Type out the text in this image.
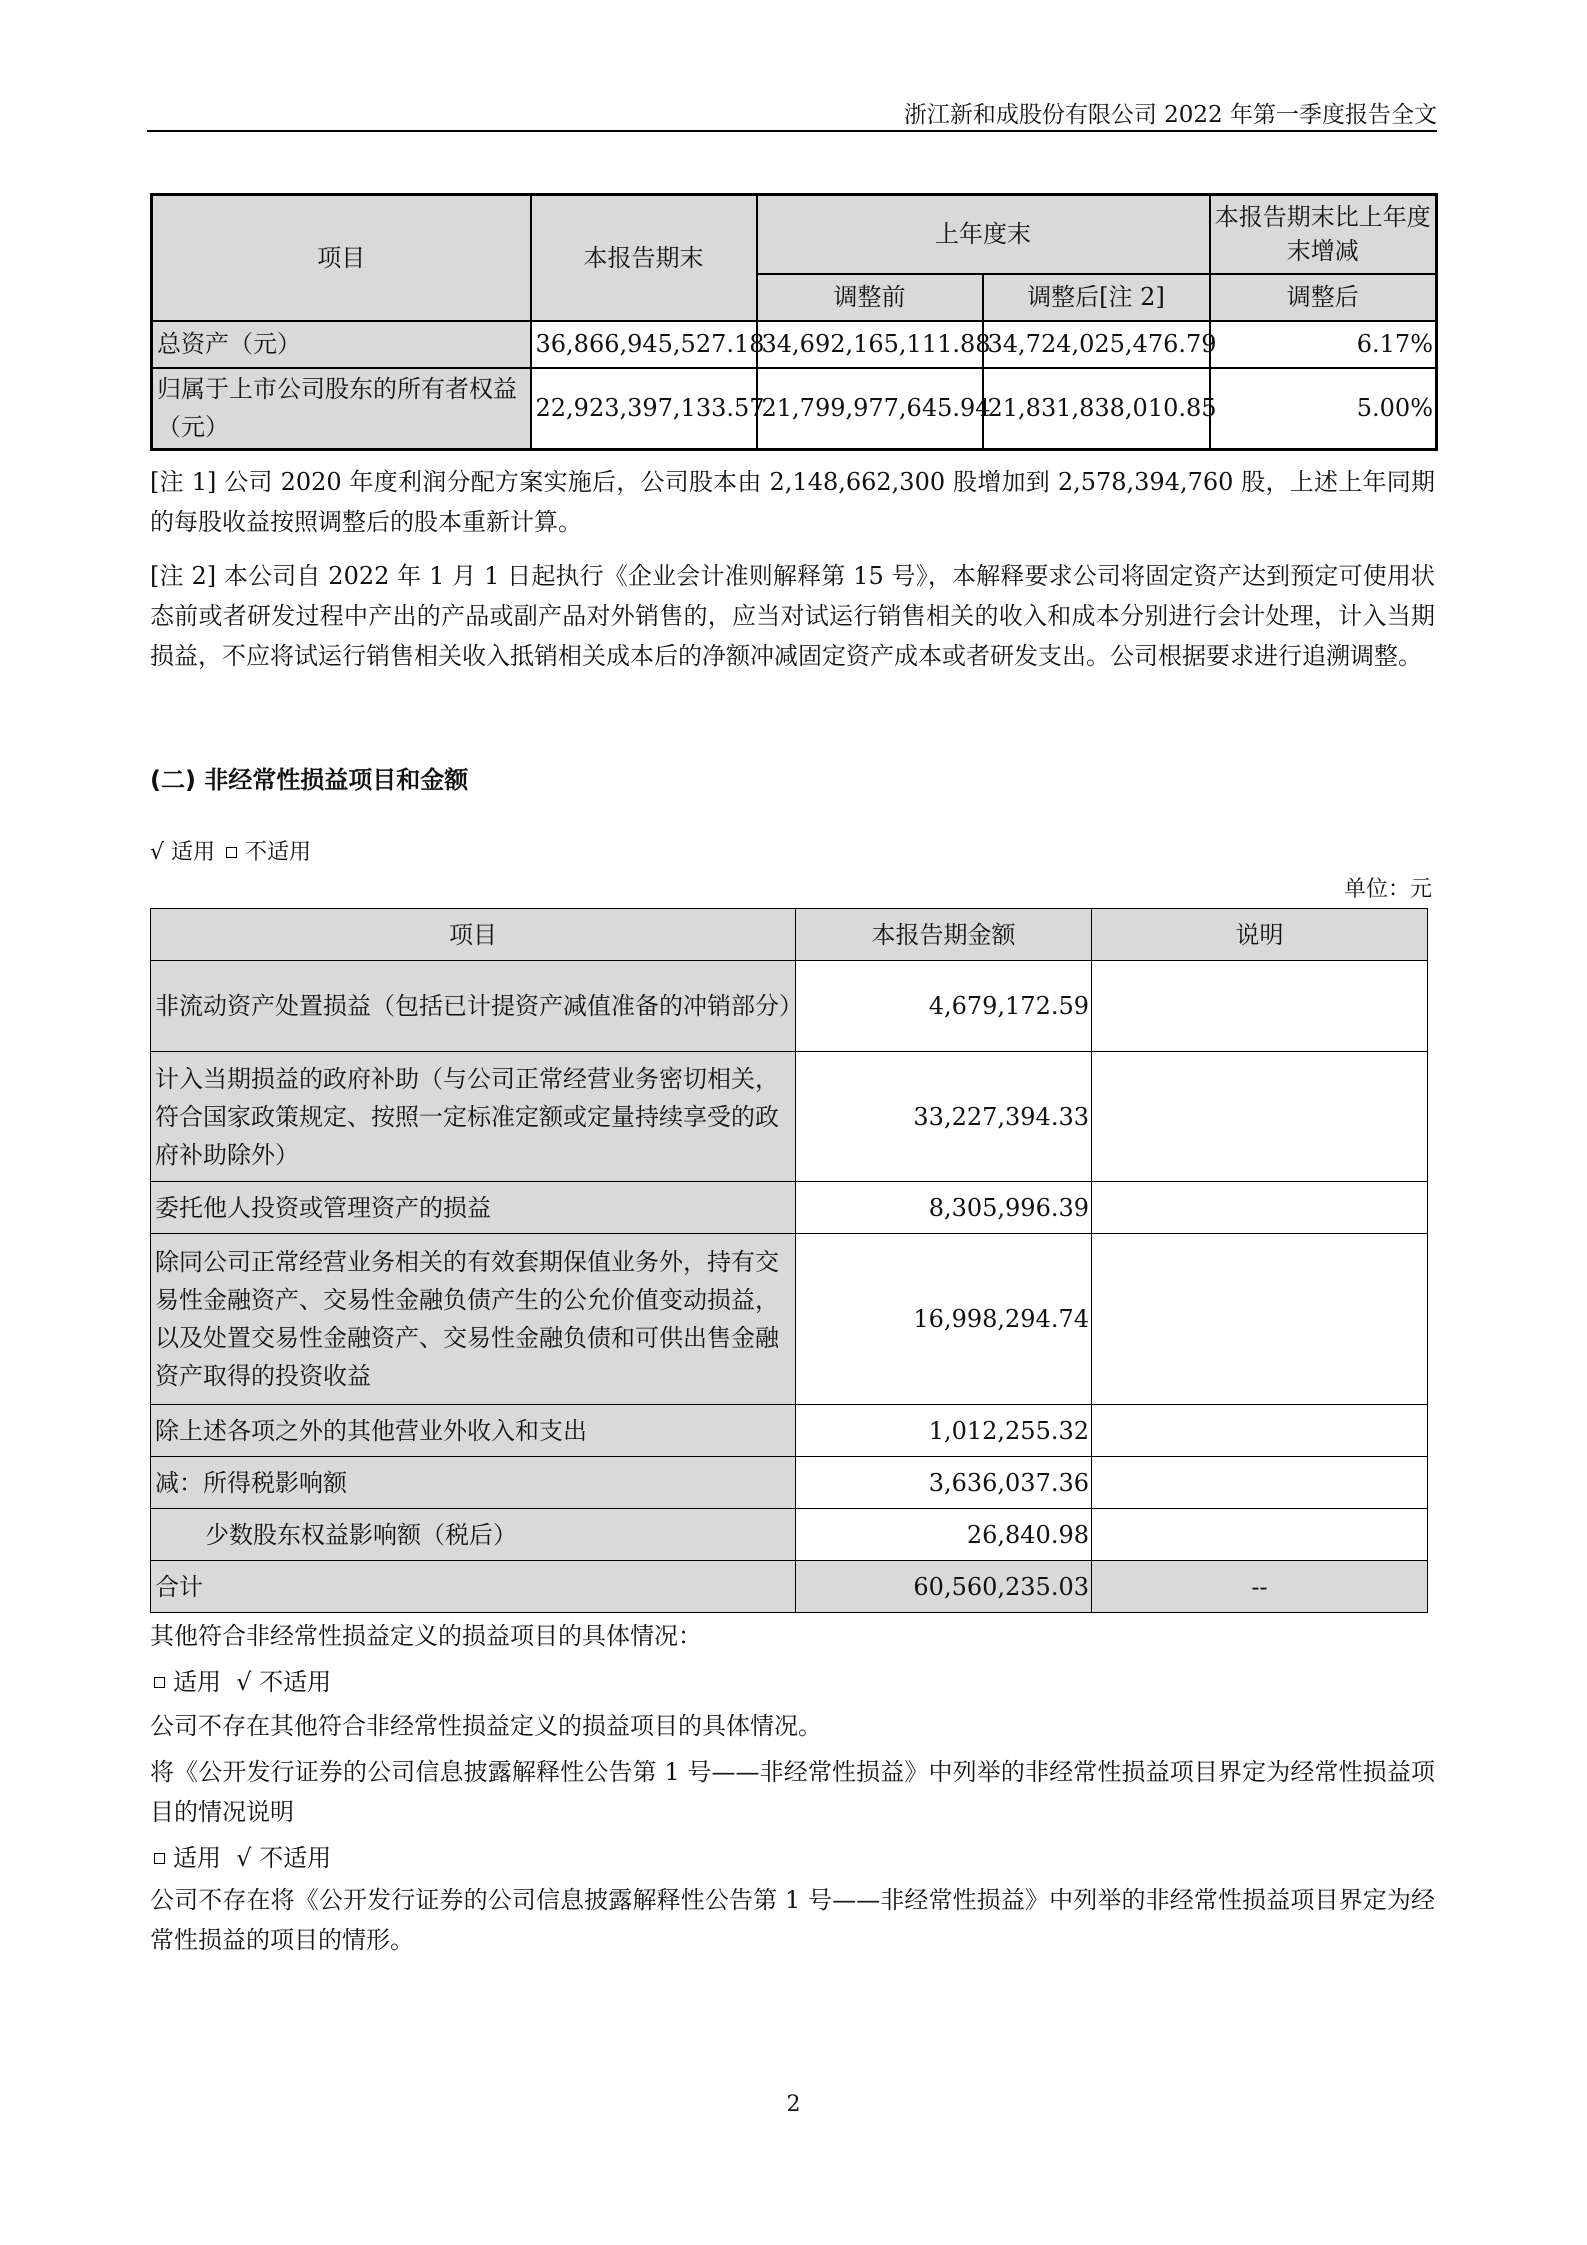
浙江新和成股份有限公司 2022 年第一季度报告全文
项目	本报告期末	上年度末		本报告期末比上年度末增减
		调整前	调整后[注 2]	调整后
总资产（元）	36,866,945,527.18	34,692,165,111.88	34,724,025,476.79	6.17%
归属于上市公司股东的所有者权益（元）	22,923,397,133.57	21,799,977,645.94	21,831,838,010.85	5.00%
[注 1] 公司 2020 年度利润分配方案实施后，公司股本由 2,148,662,300 股增加到 2,578,394,760 股，上述上年同期的每股收益按照调整后的股本重新计算。
[注 2] 本公司自 2022 年 1 月 1 日起执行《企业会计准则解释第 15 号》，本解释要求公司将固定资产达到预定可使用状态前或者研发过程中产出的产品或副产品对外销售的，应当对试运行销售相关的收入和成本分别进行会计处理，计入当期损益，不应将试运行销售相关收入抵销相关成本后的净额冲减固定资产成本或者研发支出。公司根据要求进行追溯调整。
(二) 非经常性损益项目和金额
√ 适用 不适用
单位：元
项目	本报告期金额	说明
非流动资产处置损益（包括已计提资产减值准备的冲销部分）	4,679,172.59	
计入当期损益的政府补助（与公司正常经营业务密切相关，符合国家政策规定、按照一定标准定额或定量持续享受的政府补助除外）	33,227,394.33	
委托他人投资或管理资产的损益	8,305,996.39	
除同公司正常经营业务相关的有效套期保值业务外，持有交易性金融资产、交易性金融负债产生的公允价值变动损益，以及处置交易性金融资产、交易性金融负债和可供出售金融资产取得的投资收益	16,998,294.74	
除上述各项之外的其他营业外收入和支出	1,012,255.32	
减：所得税影响额	3,636,037.36	
少数股东权益影响额（税后）	26,840.98	
合计	60,560,235.03	--
其他符合非经常性损益定义的损益项目的具体情况：
适用 √ 不适用
公司不存在其他符合非经常性损益定义的损益项目的具体情况。
将《公开发行证券的公司信息披露解释性公告第 1 号——非经常性损益》中列举的非经常性损益项目界定为经常性损益项目的情况说明
适用 √ 不适用
公司不存在将《公开发行证券的公司信息披露解释性公告第 1 号——非经常性损益》中列举的非经常性损益项目界定为经常性损益的项目的情形。
2
